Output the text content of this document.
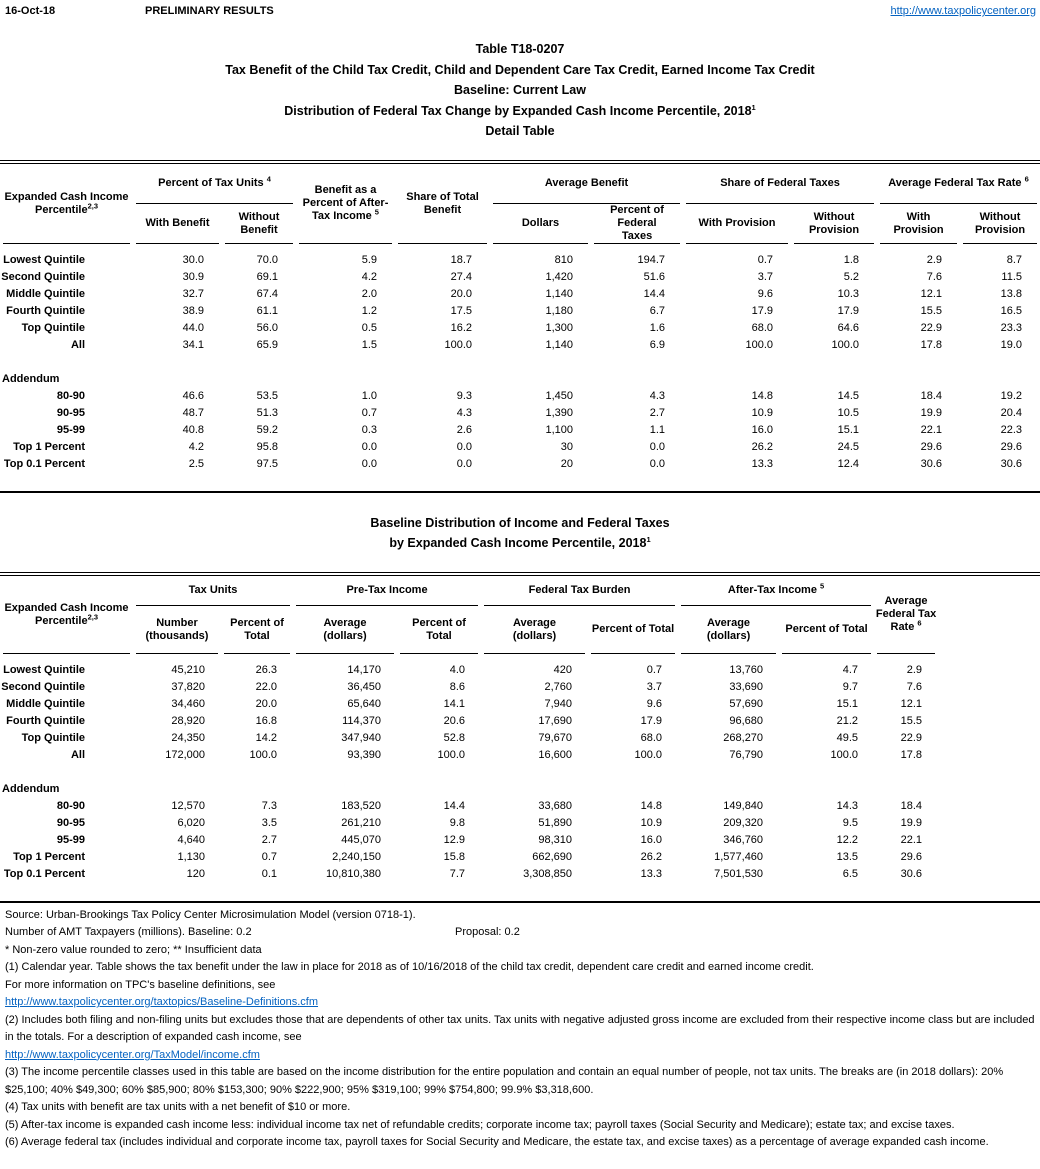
16-Oct-18	PRELIMINARY RESULTS	http://www.taxpolicycenter.org
Table T18-0207
Tax Benefit of the Child Tax Credit, Child and Dependent Care Tax Credit, Earned Income Tax Credit
Baseline: Current Law
Distribution of Federal Tax Change by Expanded Cash Income Percentile, 2018$^1$
Detail Table
Expanded Cash Income Percentile$^{2,3}$	Percent of Tax Units $^4$		Benefit as a Percent of After-Tax Income $^5$	Share of Total Benefit	Average Benefit		Share of Federal Taxes		Average Federal Tax Rate $^6$
	With Benefit	Without Benefit			Dollars	Percent of Federal Taxes	With Provision	Without Provision	With Provision	Without Provision
Lowest Quintile	30.0	70.0	5.9	18.7	810	194.7	0.7	1.8	2.9	8.7
Second Quintile	30.9	69.1	4.2	27.4	1,420	51.6	3.7	5.2	7.6	11.5
Middle Quintile	32.7	67.4	2.0	20.0	1,140	14.4	9.6	10.3	12.1	13.8
Fourth Quintile	38.9	61.1	1.2	17.5	1,180	6.7	17.9	17.9	15.5	16.5
Top Quintile	44.0	56.0	0.5	16.2	1,300	1.6	68.0	64.6	22.9	23.3
All	34.1	65.9	1.5	100.0	1,140	6.9	100.0	100.0	17.8	19.0

Addendum										
80-90	46.6	53.5	1.0	9.3	1,450	4.3	14.8	14.5	18.4	19.2
90-95	48.7	51.3	0.7	4.3	1,390	2.7	10.9	10.5	19.9	20.4
95-99	40.8	59.2	0.3	2.6	1,100	1.1	16.0	15.1	22.1	22.3
Top 1 Percent	4.2	95.8	0.0	0.0	30	0.0	26.2	24.5	29.6	29.6
Top 0.1 Percent	2.5	97.5	0.0	0.0	20	0.0	13.3	12.4	30.6	30.6
Baseline Distribution of Income and Federal Taxes
by Expanded Cash Income Percentile, 2018$^1$
Expanded Cash Income Percentile$^{2,3}$	Tax Units		Pre-Tax Income		Federal Tax Burden		After-Tax Income $^5$		Average Federal Tax Rate $^6$	
	Number (thousands)	Percent of Total	Average (dollars)	Percent of Total	Average (dollars)	Percent of Total	Average (dollars)	Percent of Total		
Lowest Quintile	45,210	26.3	14,170	4.0	420	0.7	13,760	4.7	2.9	
Second Quintile	37,820	22.0	36,450	8.6	2,760	3.7	33,690	9.7	7.6	
Middle Quintile	34,460	20.0	65,640	14.1	7,940	9.6	57,690	15.1	12.1	
Fourth Quintile	28,920	16.8	114,370	20.6	17,690	17.9	96,680	21.2	15.5	
Top Quintile	24,350	14.2	347,940	52.8	79,670	68.0	268,270	49.5	22.9	
All	172,000	100.0	93,390	100.0	16,600	100.0	76,790	100.0	17.8	

Addendum										
80-90	12,570	7.3	183,520	14.4	33,680	14.8	149,840	14.3	18.4	
90-95	6,020	3.5	261,210	9.8	51,890	10.9	209,320	9.5	19.9	
95-99	4,640	2.7	445,070	12.9	98,310	16.0	346,760	12.2	22.1	
Top 1 Percent	1,130	0.7	2,240,150	15.8	662,690	26.2	1,577,460	13.5	29.6	
Top 0.1 Percent	120	0.1	10,810,380	7.7	3,308,850	13.3	7,501,530	6.5	30.6	
Source: Urban-Brookings Tax Policy Center Microsimulation Model (version 0718-1).
Number of AMT Taxpayers (millions). Baseline: 0.2	Proposal: 0.2
* Non-zero value rounded to zero; ** Insufficient data
(1) Calendar year. Table shows the tax benefit under the law in place for 2018 as of 10/16/2018 of the child tax credit, dependent care credit and earned income credit.
For more information on TPC's baseline definitions, see
http://www.taxpolicycenter.org/taxtopics/Baseline-Definitions.cfm
(2) Includes both filing and non-filing units but excludes those that are dependents of other tax units. Tax units with negative adjusted gross income are excluded from their respective income class but are included in the totals. For a description of expanded cash income, see
http://www.taxpolicycenter.org/TaxModel/income.cfm
(3) The income percentile classes used in this table are based on the income distribution for the entire population and contain an equal number of people, not tax units. The breaks are (in 2018 dollars): 20% $25,100; 40% $49,300; 60% $85,900; 80% $153,300; 90% $222,900; 95% $319,100; 99% $754,800; 99.9% $3,318,600.
(4) Tax units with benefit are tax units with a net benefit of $10 or more.
(5) After-tax income is expanded cash income less: individual income tax net of refundable credits; corporate income tax; payroll taxes (Social Security and Medicare); estate tax; and excise taxes.
(6) Average federal tax (includes individual and corporate income tax, payroll taxes for Social Security and Medicare, the estate tax, and excise taxes) as a percentage of average expanded cash income.
